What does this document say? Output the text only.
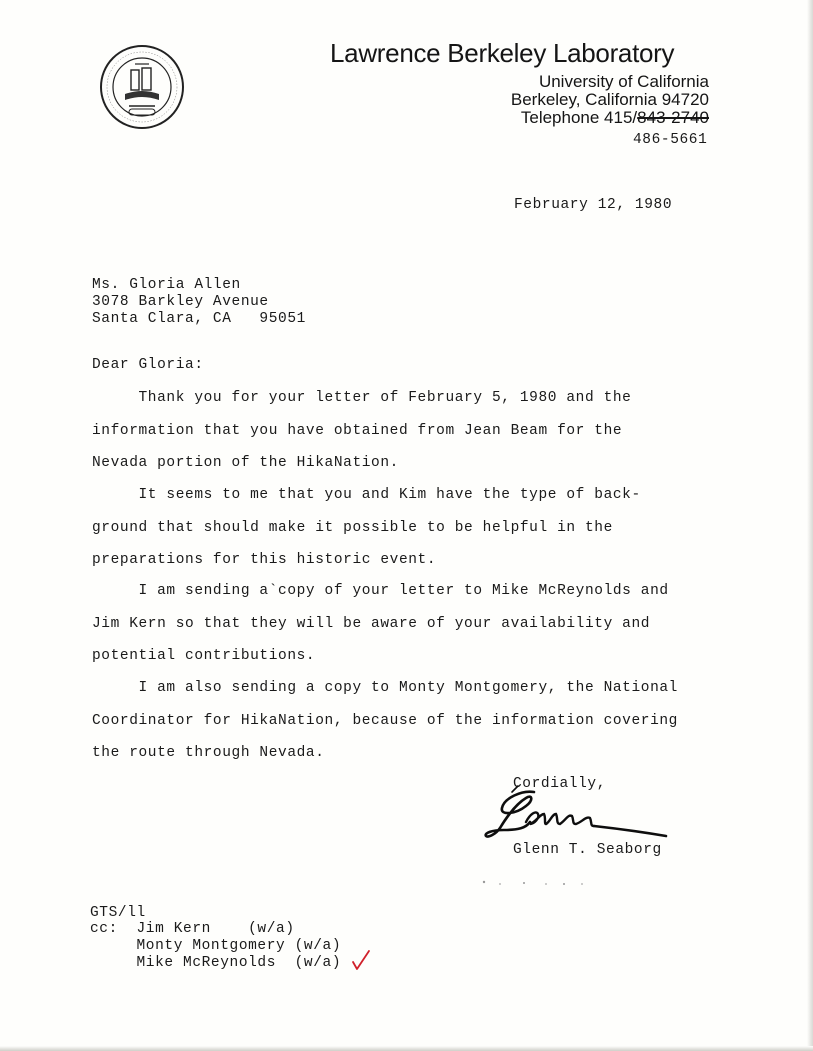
Lawrence Berkeley Laboratory
University of California
Berkeley, California 94720
Telephone 415/843-2740
486-5661
February 12, 1980
Ms. Gloria Allen
3078 Barkley Avenue
Santa Clara, CA   95051
Dear Gloria:
Thank you for your letter of February 5, 1980 and the
information that you have obtained from Jean Beam for the
Nevada portion of the HikaNation.
It seems to me that you and Kim have the type of back-
ground that should make it possible to be helpful in the
preparations for this historic event.
I am sending a`copy of your letter to Mike McReynolds and
Jim Kern so that they will be aware of your availability and
potential contributions.
I am also sending a copy to Monty Montgomery, the National
Coordinator for HikaNation, because of the information covering
the route through Nevada.
Cordially,
Glenn T. Seaborg
GTS/ll
cc:  Jim Kern    (w/a)
Monty Montgomery (w/a)
Mike McReynolds  (w/a)
